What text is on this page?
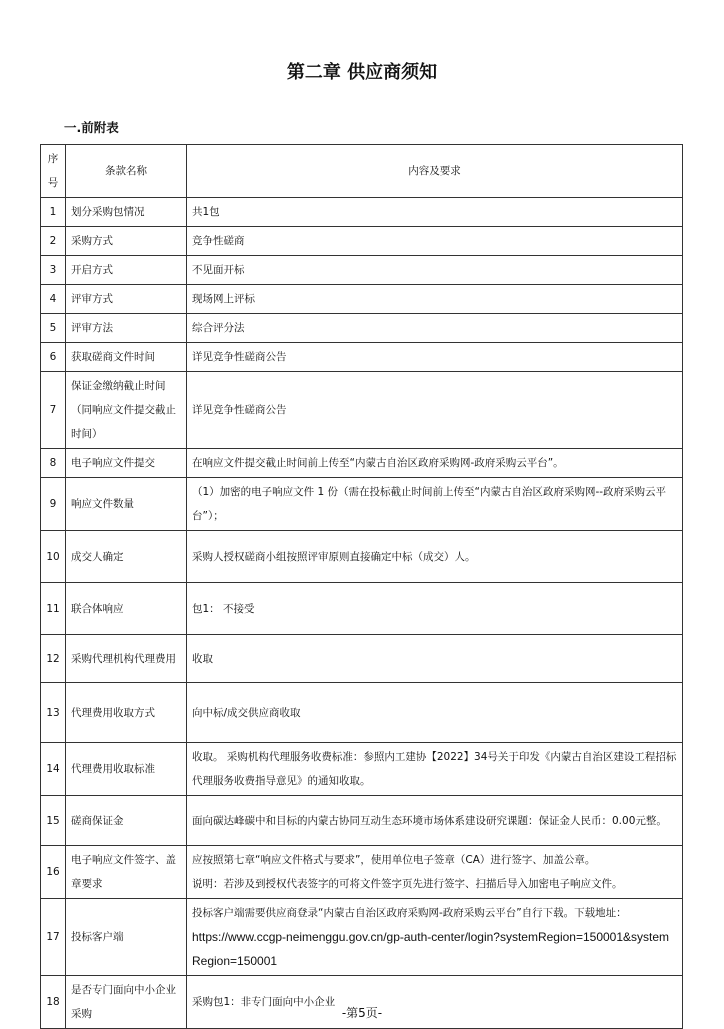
第二章 供应商须知
一.前附表
序号	条款名称	内容及要求
1	划分采购包情况	共1包
2	采购方式	竞争性磋商
3	开启方式	不见面开标
4	评审方式	现场网上评标
5	评审方法	综合评分法
6	获取磋商文件时间	详见竞争性磋商公告
7	保证金缴纳截止时间（同响应文件提交截止时间）	详见竞争性磋商公告
8	电子响应文件提交	在响应文件提交截止时间前上传至“内蒙古自治区政府采购网-政府采购云平台”。
9	响应文件数量	（1）加密的电子响应文件 1 份（需在投标截止时间前上传至“内蒙古自治区政府采购网--政府采购云平台”）；
10	成交人确定	采购人授权磋商小组按照评审原则直接确定中标（成交）人。
11	联合体响应	包1： 不接受
12	采购代理机构代理费用	收取
13	代理费用收取方式	向中标/成交供应商收取
14	代理费用收取标准	收取。 采购机构代理服务收费标准：参照内工建协【2022】34号关于印发《内蒙古自治区建设工程招标代理服务收费指导意见》的通知收取。
15	磋商保证金	面向碳达峰碳中和目标的内蒙古协同互动生态环境市场体系建设研究课题：保证金人民币：0.00元整。
16	电子响应文件签字、盖章要求	应按照第七章“响应文件格式与要求”，使用单位电子签章（CA）进行签字、加盖公章。
说明：若涉及到授权代表签字的可将文件签字页先进行签字、扫描后导入加密电子响应文件。

17	投标客户端	投标客户端需要供应商登录“内蒙古自治区政府采购网-政府采购云平台”自行下载。下载地址：
https://www.ccgp-neimenggu.gov.cn/gp-auth-center/login?systemRegion=150001&systemRegion=150001

18	是否专门面向中小企业采购	采购包1：非专门面向中小企业
-第5页-
